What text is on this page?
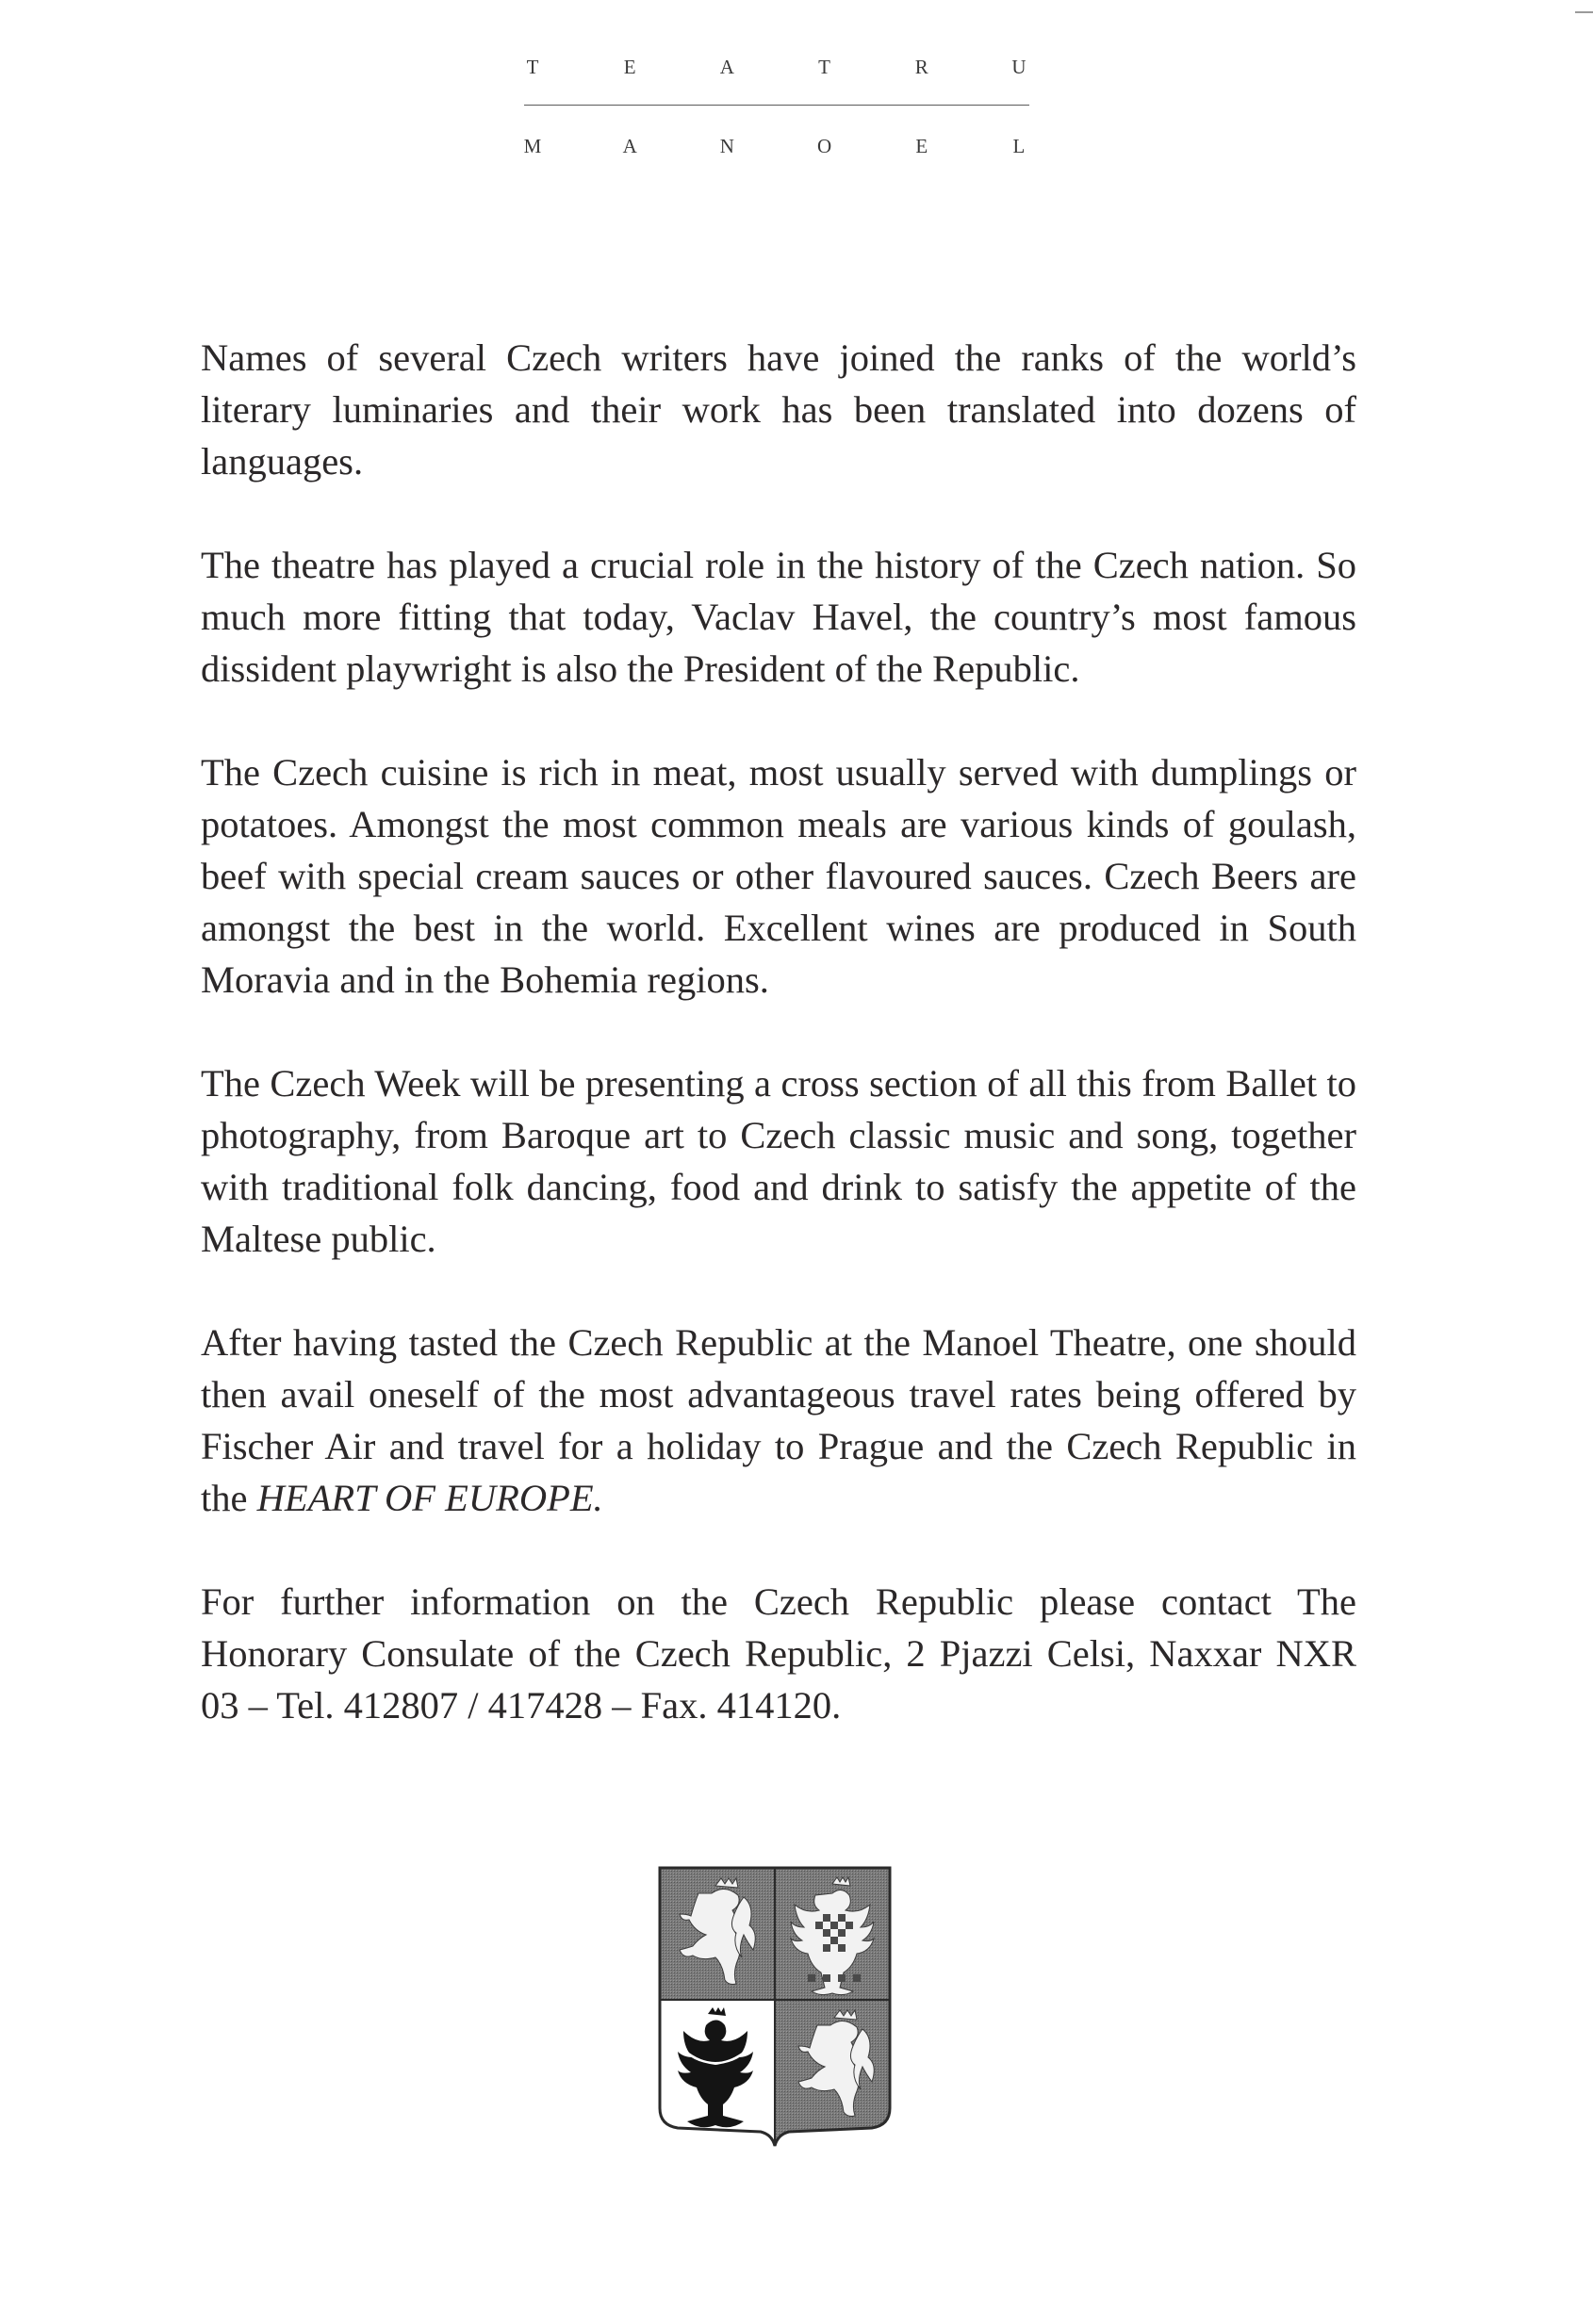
T	E	A	T	R	U
M	A	N	O	E	L

Names of several Czech writers have joined the ranks of the world’s literary luminaries and their work has been translated into dozens of languages.

The theatre has played a crucial role in the history of the Czech nation. So much more fitting that today, Vaclav Havel, the country’s most famous dissident playwright is also the President of the Republic.

The Czech cuisine is rich in meat, most usually served with dumplings or potatoes. Amongst the most common meals are various kinds of goulash, beef with special cream sauces or other flavoured sauces. Czech Beers are amongst the best in the world. Excellent wines are produced in South Moravia and in the Bohemia regions.

The Czech Week will be presenting a cross section of all this from Ballet to photography, from Baroque art to Czech classic music and song, together with traditional folk dancing, food and drink to satisfy the appetite of the Maltese public.

After having tasted the Czech Republic at the Manoel Theatre, one should then avail oneself of the most advantageous travel rates being offered by Fischer Air and travel for a holiday to Prague and the Czech Republic in the HEART OF EUROPE.

For further information on the Czech Republic please contact The Honorary Consulate of the Czech Republic, 2 Pjazzi Celsi, Naxxar NXR 03 – Tel. 412807 / 417428 – Fax. 414120.
